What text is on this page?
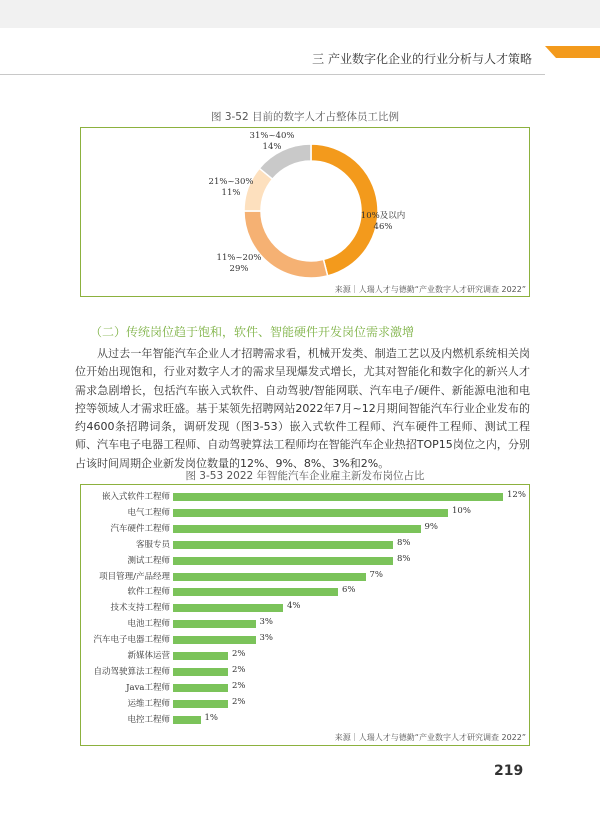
三 产业数字化企业的行业分析与人才策略
图 3-52 目前的数字人才占整体员工比例
31%~40%
14%
21%~30%
11%
10%及以内
46%
11%~20%
29%
来源｜人瑞人才与德勤“产业数字人才研究调查 2022”
（二）传统岗位趋于饱和，软件、智能硬件开发岗位需求激增
从过去一年智能汽车企业人才招聘需求看，机械开发类、制造工艺以及内燃机系统相关岗位开始出现饱和，行业对数字人才的需求呈现爆发式增长，尤其对智能化和数字化的新兴人才需求急剧增长，包括汽车嵌入式软件、自动驾驶/智能网联、汽车电子/硬件、新能源电池和电控等领域人才需求旺盛。基于某领先招聘网站2022年7月~12月期间智能汽车行业企业发布的约4600条招聘词条，调研发现（图3-53）嵌入式软件工程师、汽车硬件工程师、测试工程师、汽车电子电器工程师、自动驾驶算法工程师均在智能汽车企业热招TOP15岗位之内，分别占该时间周期企业新发岗位数量的12%、9%、8%、3%和2%。
图 3-53 2022 年智能汽车企业雇主新发布岗位占比
嵌入式软件工程师	12%
电气工程师	10%
汽车硬件工程师	9%
客服专员	8%
测试工程师	8%
项目管理/产品经理	7%
软件工程师	6%
技术支持工程师	4%
电池工程师	3%
汽车电子电器工程师	3%
新媒体运营	2%
自动驾驶算法工程师	2%
Java工程师	2%
运维工程师	2%
电控工程师	1%
来源｜人瑞人才与德勤“产业数字人才研究调查 2022”
219
